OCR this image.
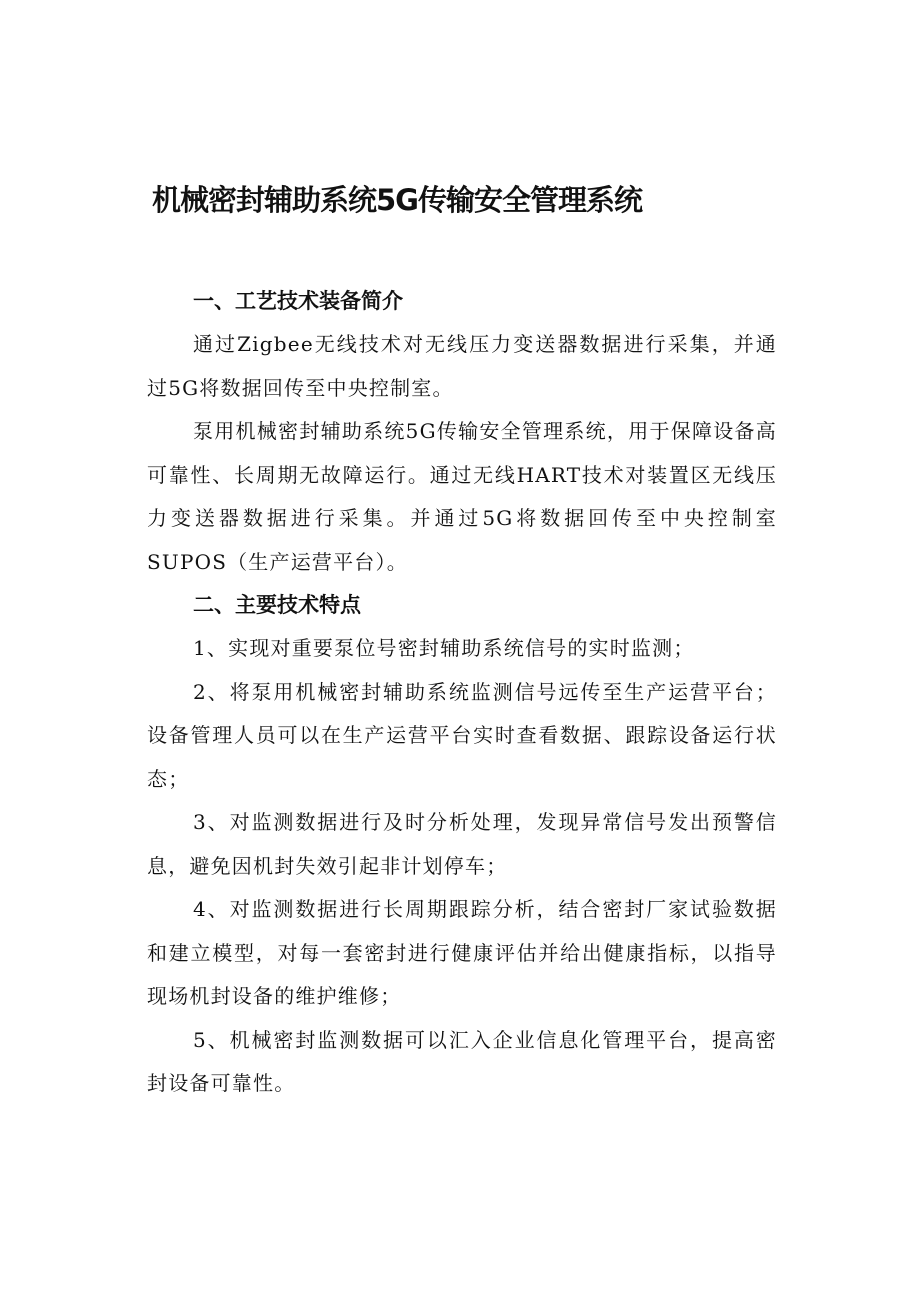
机械密封辅助系统5G传输安全管理系统
一、工艺技术装备简介

通过Zigbee无线技术对无线压力变送器数据进行采集，并通过5G将数据回传至中央控制室。

泵用机械密封辅助系统5G传输安全管理系统，用于保障设备高可靠性、长周期无故障运行。通过无线HART技术对装置区无线压力变送器数据进行采集。并通过5G将数据回传至中央控制室SUPOS（生产运营平台）。

二、主要技术特点

1、实现对重要泵位号密封辅助系统信号的实时监测；

2、将泵用机械密封辅助系统监测信号远传至生产运营平台；设备管理人员可以在生产运营平台实时查看数据、跟踪设备运行状态；

3、对监测数据进行及时分析处理，发现异常信号发出预警信息，避免因机封失效引起非计划停车；

4、对监测数据进行长周期跟踪分析，结合密封厂家试验数据和建立模型，对每一套密封进行健康评估并给出健康指标，以指导现场机封设备的维护维修；

5、机械密封监测数据可以汇入企业信息化管理平台，提高密封设备可靠性。
